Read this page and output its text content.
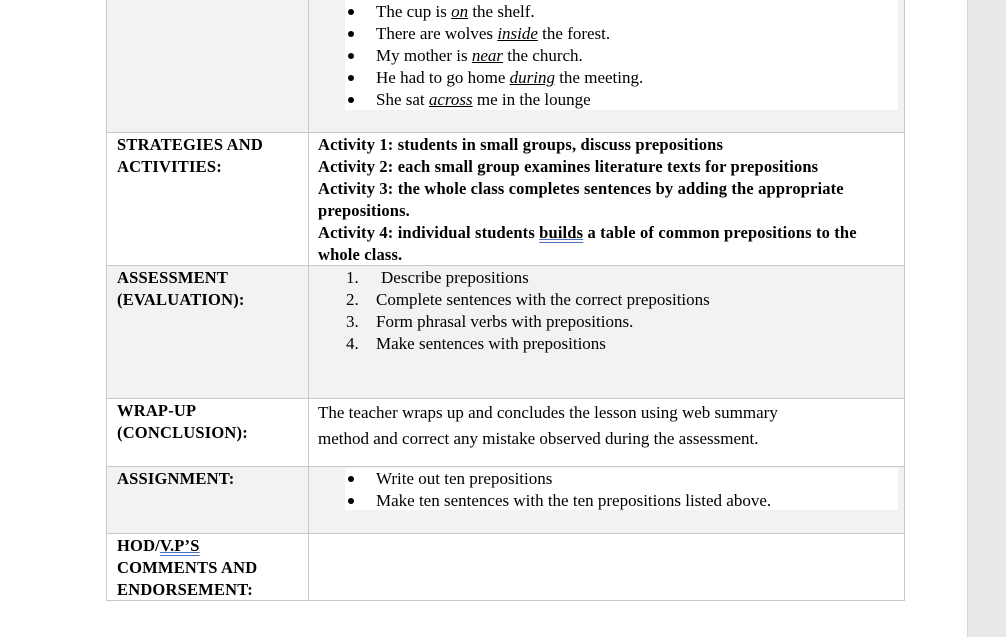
The cup is on the shelf.
There are wolves inside the forest.
My mother is near the church.
He had to go home during the meeting.
She sat across me in the lounge
STRATEGIES AND ACTIVITIES:
Activity 1: students in small groups, discuss prepositions
Activity 2: each small group examines literature texts for prepositions
Activity 3: the whole class completes sentences by adding the appropriate prepositions.
Activity 4: individual students builds a table of common prepositions to the whole class.
ASSESSMENT
(EVALUATION):
1. Describe prepositions
2. Complete sentences with the correct prepositions
3. Form phrasal verbs with prepositions.
4. Make sentences with prepositions
WRAP-UP
(CONCLUSION):
The teacher wraps up and concludes the lesson using web summary
method and correct any mistake observed during the assessment.
ASSIGNMENT:	Write out ten prepositions
Make ten sentences with the ten prepositions listed above.
HOD/V.P’S
COMMENTS AND
ENDORSEMENT:
